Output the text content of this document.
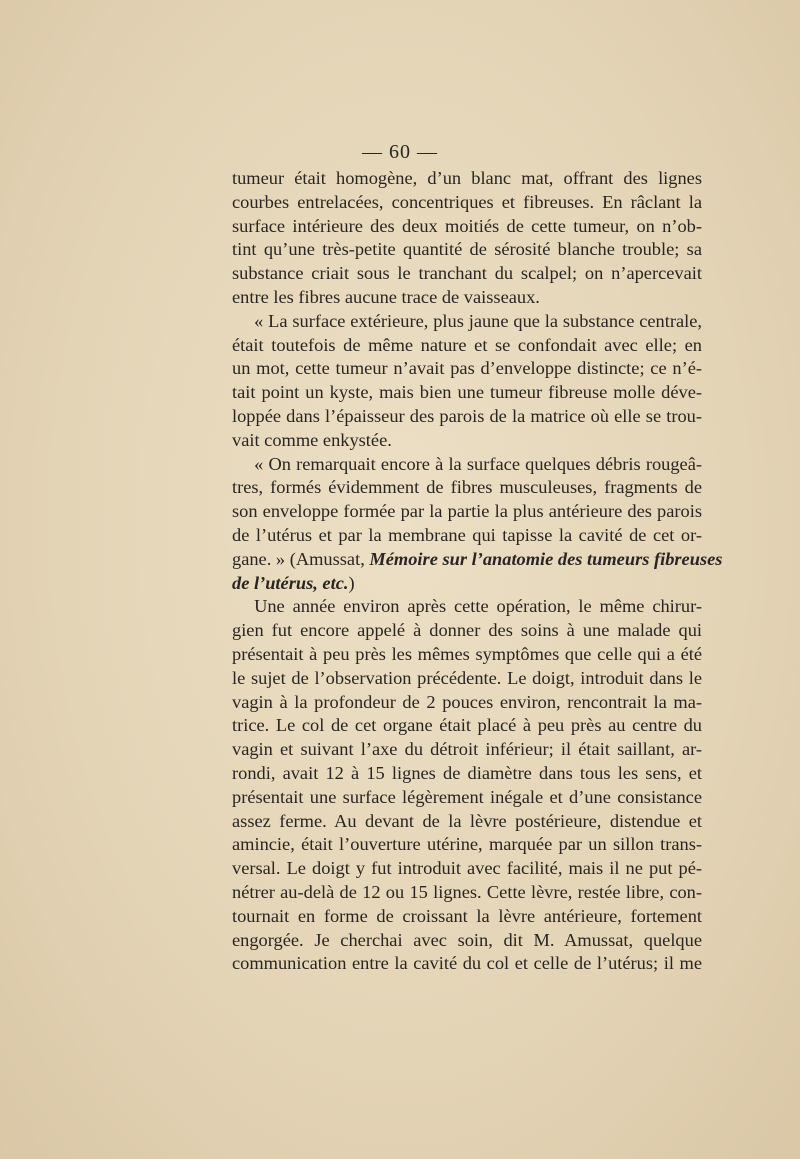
— 60 —
tumeur était homogène, d’un blanc mat, offrant des lignes
courbes entrelacées, concentriques et fibreuses. En râclant la
surface intérieure des deux moitiés de cette tumeur, on n’ob-
tint qu’une très-petite quantité de sérosité blanche trouble; sa
substance criait sous le tranchant du scalpel; on n’apercevait
entre les fibres aucune trace de vaisseaux.
« La surface extérieure, plus jaune que la substance centrale,
était toutefois de même nature et se confondait avec elle; en
un mot, cette tumeur n’avait pas d’enveloppe distincte; ce n’é-
tait point un kyste, mais bien une tumeur fibreuse molle déve-
loppée dans l’épaisseur des parois de la matrice où elle se trou-
vait comme enkystée.
« On remarquait encore à la surface quelques débris rougeâ-
tres, formés évidemment de fibres musculeuses, fragments de
son enveloppe formée par la partie la plus antérieure des parois
de l’utérus et par la membrane qui tapisse la cavité de cet or-
gane. » (Amussat, Mémoire sur l’anatomie des tumeurs fibreuses
de l’utérus, etc.)
Une année environ après cette opération, le même chirur-
gien fut encore appelé à donner des soins à une malade qui
présentait à peu près les mêmes symptômes que celle qui a été
le sujet de l’observation précédente. Le doigt, introduit dans le
vagin à la profondeur de 2 pouces environ, rencontrait la ma-
trice. Le col de cet organe était placé à peu près au centre du
vagin et suivant l’axe du détroit inférieur; il était saillant, ar-
rondi, avait 12 à 15 lignes de diamètre dans tous les sens, et
présentait une surface légèrement inégale et d’une consistance
assez ferme. Au devant de la lèvre postérieure, distendue et
amincie, était l’ouverture utérine, marquée par un sillon trans-
versal. Le doigt y fut introduit avec facilité, mais il ne put pé-
nétrer au-delà de 12 ou 15 lignes. Cette lèvre, restée libre, con-
tournait en forme de croissant la lèvre antérieure, fortement
engorgée. Je cherchai avec soin, dit M. Amussat, quelque
communication entre la cavité du col et celle de l’utérus; il me
